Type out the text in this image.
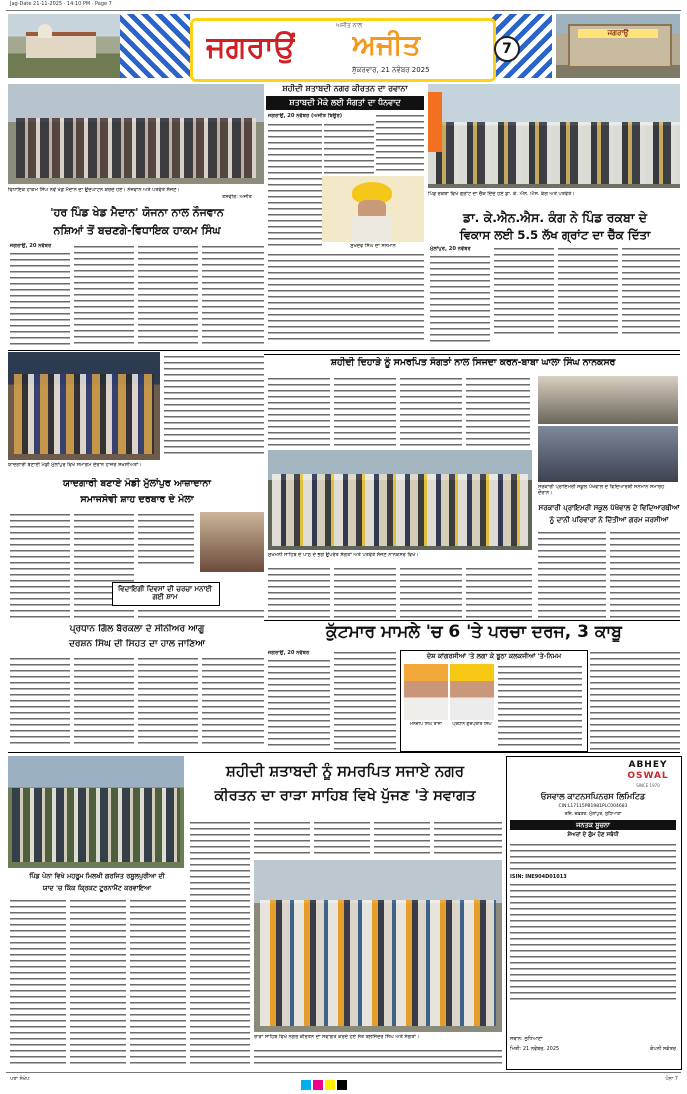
Jag-Date 21-11-2025 · 14:10 PM · Page 7
ਜਗਰਾਉਂ
ਅਜੀਤ ਨਾਲ
ਅਜੀਤ
ਸ਼ੁੱਕਰਵਾਰ, 21 ਨਵੰਬਰ 2025
7
ਜਗਰਾਉਂ
ਵਿਧਾਇਕ ਹਾਕਮ ਸਿੰਘ ਨਵੇਂ ਖੇਡ ਮੈਦਾਨ ਦਾ ਉਦਘਾਟਨ ਕਰਦੇ ਹੋਏ। ਨੌਜਵਾਨ ਅਤੇ ਪਤਵੰਤੇ ਸੱਜਣ।
ਤਸਵੀਰ: ਅਜੀਤ
ਸ਼ਹੀਦੀ ਸ਼ਤਾਬਦੀ ਨਗਰ ਕੀਰਤਨ ਦਾ ਰਵਾਨਾ
ਸ਼ਤਾਬਦੀ ਮੌਕੇ ਲਈ ਸੰਗਤਾਂ ਦਾ ਧੰਨਵਾਦ
ਜਗਰਾਉਂ, 20 ਨਵੰਬਰ (ਅਜੀਤ ਬਿਊਰੋ)
ਸੁਖਦੇਵ ਸਿੰਘ ਦਾ ਸਨਮਾਨ
ਪਿੰਡ ਰਕਬਾ ਵਿਖੇ ਗ੍ਰਾਂਟ ਦਾ ਚੈੱਕ ਦਿੰਦੇ ਹੋਏ ਡਾ. ਕੇ. ਐਨ. ਐਸ. ਕੰਗ ਅਤੇ ਪਤਵੰਤੇ।
ਡਾ. ਕੇ.ਐਨ.ਐਸ. ਕੰਗ ਨੇ ਪਿੰਡ ਰਕਬਾ ਦੇ
ਵਿਕਾਸ ਲਈ 5.5 ਲੱਖ ਗ੍ਰਾਂਟ ਦਾ ਚੈੱਕ ਦਿੱਤਾ
'ਹਰ ਪਿੰਡ ਖੇਡ ਮੈਦਾਨ' ਯੋਜਨਾ ਨਾਲ ਨੌਜਵਾਨ
ਨਸ਼ਿਆਂ ਤੋਂ ਬਚਣਗੇ-ਵਿਧਾਇਕ ਹਾਕਮ ਸਿੰਘ
ਜਗਰਾਉਂ, 20 ਨਵੰਬਰ	ਮੁੱਲਾਂਪੁਰ, 20 ਨਵੰਬਰ
ਯਾਦਗਾਰੀ ਬਣਾਈ ਮੰਡੀ ਮੁੱਲਾਂਪੁਰ ਵਿਖੇ ਸਮਾਗਮ ਦੌਰਾਨ ਹਾਜ਼ਰ ਸ਼ਖ਼ਸੀਅਤਾਂ।
ਯਾਦਗਾਰੀ ਬਣਾਏ ਮੰਡੀ ਮੁੱਲਾਂਪੁਰ ਆਜ਼ਾਦਾਨਾ
ਸਮਾਜਸੇਵੀ ਸ਼ਾਹ ਦਰਬਾਰ ਦੇ ਮੇਲਾ
ਵਿਦਾਇਗੀ ਦਿਵਸਾਂ ਦੀ ਚਰਚਾ ਮਨਾਈ ਗਈ ਸ਼ਾਮ
ਪ੍ਰਧਾਨ ਗਿੱਲ ਬੈਰਕਲਾ ਦੇ ਸੀਨੀਅਰ ਆਗੂ
ਦਰਸ਼ਨ ਸਿੰਘ ਦੀ ਸਿਹਤ ਦਾ ਹਾਲ ਜਾਣਿਆ
ਸ਼ਹੀਦੀ ਦਿਹਾੜੇ ਨੂੰ ਸਮਰਪਿਤ ਸੰਗਤਾਂ ਨਾਲ ਸਿਜਦਾ ਕਰਨ-ਬਾਬਾ ਘਾਲਾ ਸਿੰਘ ਨਾਨਕਸਰ
ਸੁਖਮਨੀ ਸਾਹਿਬ ਦੇ ਪਾਠ ਦੇ ਭੋਗ ਉਪਰੰਤ ਸੰਗਤਾਂ ਅਤੇ ਪਤਵੰਤੇ ਸੱਜਣ ਨਾਨਕਸਰ ਵਿਖੇ।
ਸਰਕਾਰੀ ਪ੍ਰਾਇਮਰੀ ਸਕੂਲ ਪੱਖੋਵਾਲ ਦੇ ਵਿਦਿਆਰਥੀ ਸਨਮਾਨ ਸਮਾਰੋਹ ਦੌਰਾਨ।
ਸਰਕਾਰੀ ਪ੍ਰਾਇਮਰੀ ਸਕੂਲ ਪੱਖੋਵਾਲ ਦੇ ਵਿਦਿਆਰਥੀਆਂ
ਨੂੰ ਦਾਨੀ ਪਰਿਵਾਰਾਂ ਨੇ ਦਿੱਤੀਆਂ ਗਰਮ ਜਰਸੀਆਂ
ਕੁੱਟਮਾਰ ਮਾਮਲੇ 'ਚ 6 'ਤੇ ਪਰਚਾ ਦਰਜ, 3 ਕਾਬੂ
ਜਗਰਾਉਂ, 20 ਨਵੰਬਰ	ਦੇਸ਼ ਕਾਂਗਰਸੀਆਂ 'ਤੇ ਲਗਾ ਕੇ ਝੂਠਾ ਕਲਕਜੀਆਂ 'ਤੇ-ਨਿਮਮ
ਮਨਦੀਪ ਸਿੰਘ ਰਾਜਾ	ਪ੍ਰਧਾਨ ਗੁਰਪ੍ਰੀਤ ਸਿੰਘ
ਸ਼ਹੀਦੀ ਸ਼ਤਾਬਦੀ ਨੂੰ ਸਮਰਪਿਤ ਸਜਾਏ ਨਗਰ
ਕੀਰਤਨ ਦਾ ਰਾੜਾ ਸਾਹਿਬ ਵਿਖੇ ਪੁੱਜਣ 'ਤੇ ਸਵਾਗਤ
ਪਿੰਡ ਪੋਨਾ ਵਿਖੇ ਮਹਰੂਮ ਮਿਲਖੀ ਗਰਜਿਤ ਰਸੂਲਪੁਰੀਆ ਦੀ
ਯਾਦ 'ਚ ਕਿੱਕ ਕ੍ਰਿਕਟ ਟੂਰਨਾਮੈਂਟ ਕਰਵਾਇਆ
ਰਾੜਾ ਸਾਹਿਬ ਵਿਖੇ ਨਗਰ ਕੀਰਤਨ ਦਾ ਸਵਾਗਤ ਕਰਦੇ ਹੋਏ ਸੰਤ ਬਲਜਿੰਦਰ ਸਿੰਘ ਅਤੇ ਸੰਗਤਾਂ।
ABHEY
OSWAL
SINCE 1970
ਓਸਵਾਲ ਕਾਟਨਸਪਿਨਰਸ ਲਿਮਿਟਿਡ
CIN:L17115PB1981PLC004683
ਰਜਿ. ਦਫ਼ਤਰ: ਮੁੱਲਾਂਪੁਰ, ਲੁਧਿਆਣਾ
ਜਨਤਕ ਸੂਚਨਾ
ਸ਼ੇਅਰਾਂ ਦੇ ਗੁੰਮ ਹੋਣ ਸਬੰਧੀ
ISIN: INE904D01013
ਸਥਾਨ: ਲੁਧਿਆਣਾ
ਮਿਤੀ: 21 ਨਵੰਬਰ, 2025	ਕੰਪਨੀ ਸਕੱਤਰ
ਪਤਾ ਸੰਖੇਪ	ਪੰਨਾ 7
